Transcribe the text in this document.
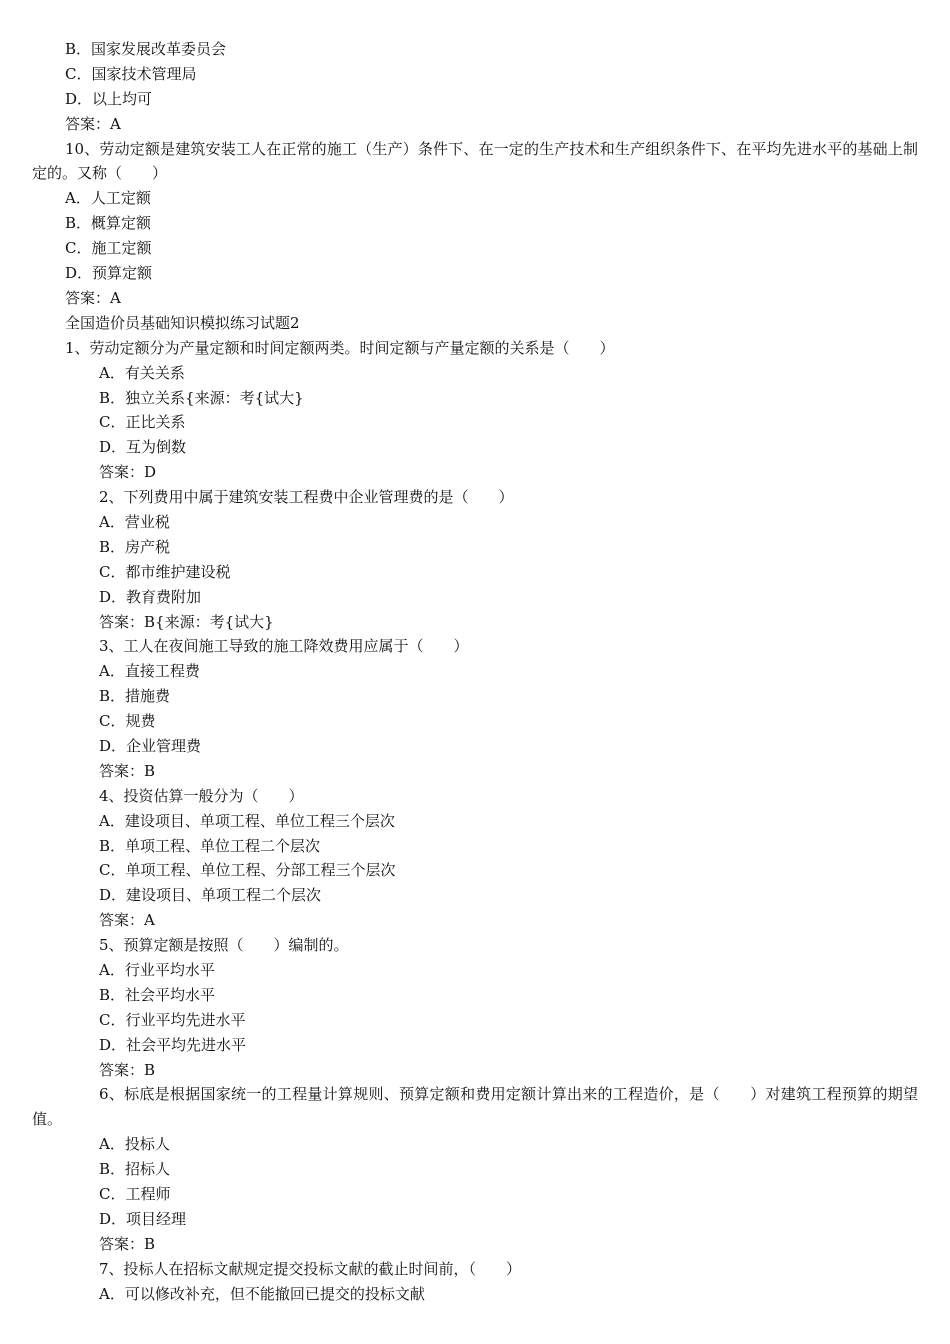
B．国家发展改革委员会
C．国家技术管理局
D．以上均可
答案：A
10、劳动定额是建筑安装工人在正常的施工（生产）条件下、在一定的生产技术和生产组织条件下、在平均先进水平的基础上制定的。又称（　　）
A．人工定额
B．概算定额
C．施工定额
D．预算定额
答案：A
全国造价员基础知识模拟练习试题2
1、劳动定额分为产量定额和时间定额两类。时间定额与产量定额的关系是（　　）
A．有关关系
B．独立关系{来源：考{试大}
C．正比关系
D．互为倒数
答案：D
2、下列费用中属于建筑安装工程费中企业管理费的是（　　）
A．营业税
B．房产税
C．都市维护建设税
D．教育费附加
答案：B{来源：考{试大}
3、工人在夜间施工导致的施工降效费用应属于（　　）
A．直接工程费
B．措施费
C．规费
D．企业管理费
答案：B
4、投资估算一般分为（　　）
A．建设项目、单项工程、单位工程三个层次
B．单项工程、单位工程二个层次
C．单项工程、单位工程、分部工程三个层次
D．建设项目、单项工程二个层次
答案：A
5、预算定额是按照（　　）编制的。
A．行业平均水平
B．社会平均水平
C．行业平均先进水平
D．社会平均先进水平
答案：B
6、标底是根据国家统一的工程量计算规则、预算定额和费用定额计算出来的工程造价，是（　　）对建筑工程预算的期望值。
A．投标人
B．招标人
C．工程师
D．项目经理
答案：B
7、投标人在招标文献规定提交投标文献的截止时间前，（　　）
A．可以修改补充，但不能撤回已提交的投标文献
